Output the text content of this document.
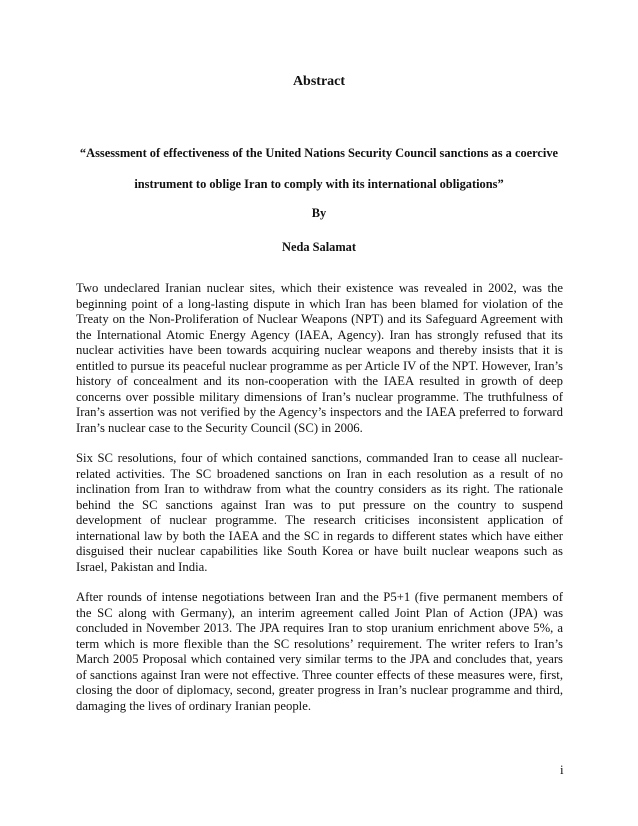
Abstract
“Assessment of effectiveness of the United Nations Security Council sanctions as a coercive
instrument to oblige Iran to comply with its international obligations”
By
Neda Salamat

Two undeclared Iranian nuclear sites, which their existence was revealed in 2002, was the beginning point of a long-lasting dispute in which Iran has been blamed for violation of the Treaty on the Non-Proliferation of Nuclear Weapons (NPT) and its Safeguard Agreement with the International Atomic Energy Agency (IAEA, Agency). Iran has strongly refused that its nuclear activities have been towards acquiring nuclear weapons and thereby insists that it is entitled to pursue its peaceful nuclear programme as per Article IV of the NPT. However, Iran’s history of concealment and its non-cooperation with the IAEA resulted in growth of deep concerns over possible military dimensions of Iran’s nuclear programme. The truthfulness of Iran’s assertion was not verified by the Agency’s inspectors and the IAEA preferred to forward Iran’s nuclear case to the Security Council (SC) in 2006.

Six SC resolutions, four of which contained sanctions, commanded Iran to cease all nuclear-related activities. The SC broadened sanctions on Iran in each resolution as a result of no inclination from Iran to withdraw from what the country considers as its right. The rationale behind the SC sanctions against Iran was to put pressure on the country to suspend development of nuclear programme. The research criticises inconsistent application of international law by both the IAEA and the SC in regards to different states which have either disguised their nuclear capabilities like South Korea or have built nuclear weapons such as Israel, Pakistan and India.

After rounds of intense negotiations between Iran and the P5+1 (five permanent members of the SC along with Germany), an interim agreement called Joint Plan of Action (JPA) was concluded in November 2013. The JPA requires Iran to stop uranium enrichment above 5%, a term which is more flexible than the SC resolutions’ requirement. The writer refers to Iran’s March 2005 Proposal which contained very similar terms to the JPA and concludes that, years of sanctions against Iran were not effective. Three counter effects of these measures were, first, closing the door of diplomacy, second, greater progress in Iran’s nuclear programme and third, damaging the lives of ordinary Iranian people.

i
